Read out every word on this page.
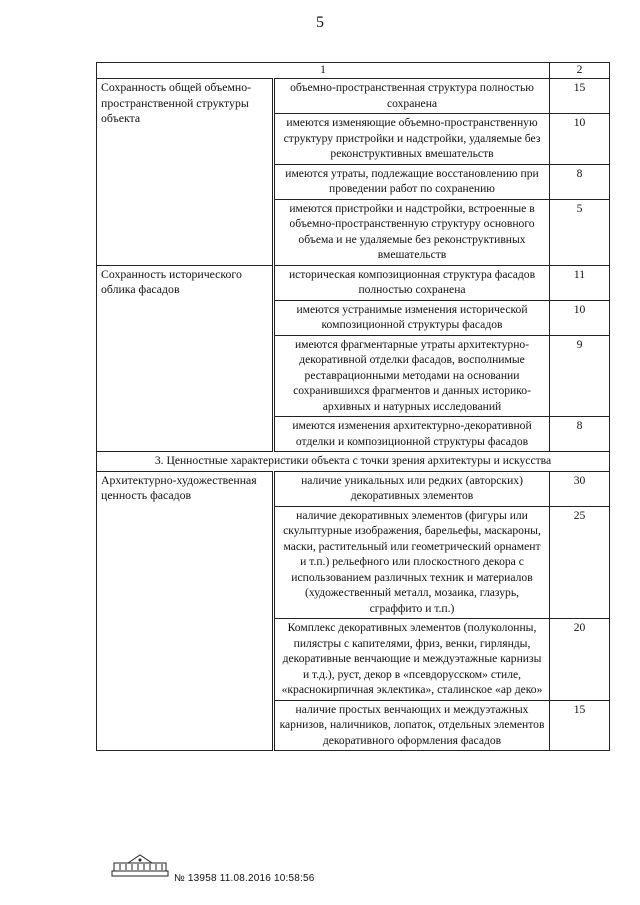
5
1		2
Сохранность общей объемно-пространственной структуры объекта	объемно-пространственная структура полностью сохранена	15
	имеются изменяющие объемно-пространственную структуру пристройки и надстройки, удаляемые без реконструктивных вмешательств	10
	имеются утраты, подлежащие восстановлению при проведении работ по сохранению	8
	имеются пристройки и надстройки, встроенные в объемно-пространственную структуру основного объема и не удаляемые без реконструктивных вмешательств	5
Сохранность исторического облика фасадов	историческая композиционная структура фасадов полностью сохранена	11
	имеются устранимые изменения исторической композиционной структуры фасадов	10
	имеются фрагментарные утраты архитектурно-декоративной отделки фасадов, восполнимые реставрационными методами на основании сохранившихся фрагментов и данных историко-архивных и натурных исследований	9
	имеются изменения архитектурно-декоративной отделки и композиционной структуры фасадов	8
3. Ценностные характеристики объекта с точки зрения архитектуры и искусства		
Архитектурно-художественная ценность фасадов	наличие уникальных или редких (авторских) декоративных элементов	30
	наличие декоративных элементов (фигуры или скульптурные изображения, барельефы, маскароны, маски, растительный или геометрический орнамент и т.п.) рельефного или плоскостного декора с использованием различных техник и материалов (художественный металл, мозаика, глазурь, сграффито и т.п.)	25
	Комплекс декоративных элементов (полуколонны, пилястры с капителями, фриз, венки, гирлянды, декоративные венчающие и междуэтажные карнизы и т.д.), руст, декор в «псевдорусском» стиле, «краснокирпичная эклектика», сталинское «ар деко»	20
	наличие простых венчающих и междуэтажных карнизов, наличников, лопаток, отдельных элементов декоративного оформления фасадов	15
№ 13958 11.08.2016 10:58:56
